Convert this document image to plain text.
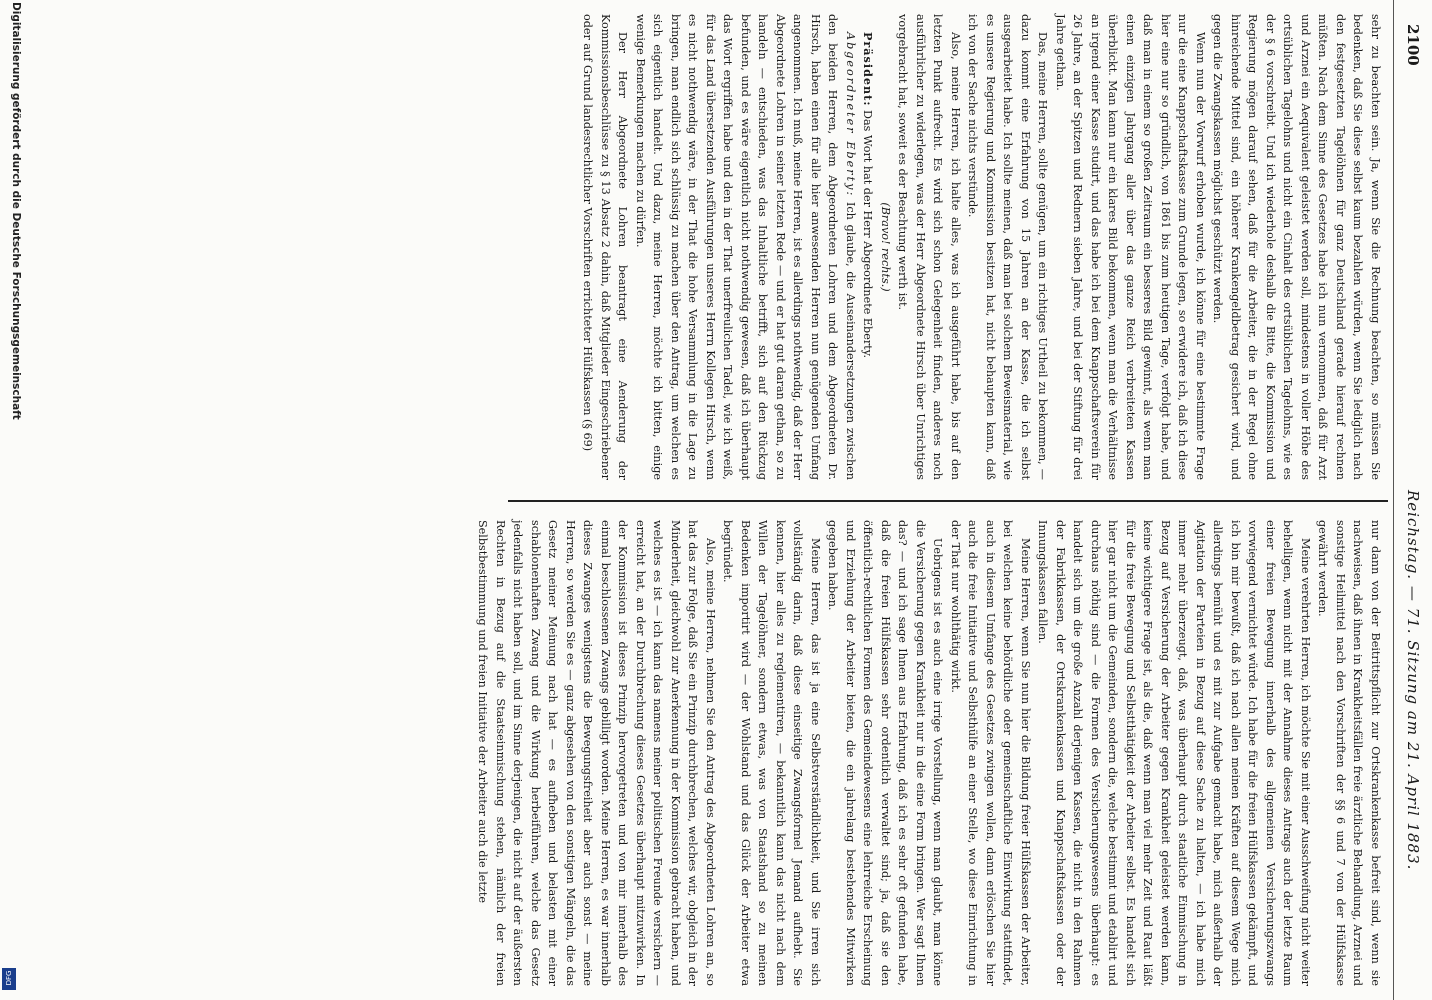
2100
Reichstag. — 71. Sitzung am 21. April 1883.

sehr zu beachten sein. Ja, wenn Sie die Rechnung beachten, so müssen Sie bedenken, daß Sie diese selbst kaum bezahlen würden, wenn Sie lediglich nach den festgesetzten Tagelöhnen für ganz Deutschland gerade hierauf rechnen müßten. Nach dem Sinne des Gesetzes habe ich nun vernommen, daß für Arzt und Arznei ein Aequivalent geleistet werden soll, mindestens in voller Höhe des ortsüblichen Tagelohns und nicht ein Cinhalt des ortsüblichen Tagelohns, wie es der § 6 vorschreibt. Und ich wiederhole deshalb die Bitte, die Kommission und Regierung mögen darauf sehen, daß für die Arbeiter, die in der Regel ohne hinreichende Mittel sind, ein höherer Krankengeldbetrag gesichert wird, und gegen die Zwangskassen möglichst geschützt werden.

Wenn nun der Vorwurf erhoben wurde, ich könne für eine bestimmte Frage nur die eine Knappschaftskasse zum Grunde legen, so erwidere ich, daß ich diese hier eine nur so gründlich, von 1861 bis zum heutigen Tage, verfolgt habe, und daß man in einem so großen Zeitraum ein besseres Bild gewinnt, als wenn man einen einzigen Jahrgang aller über das ganze Reich verbreiteten Kassen überblickt. Man kann nur ein klares Bild bekommen, wenn man die Verhältnisse an irgend einer Kasse studirt, und das habe ich bei dem Knappschaftsverein für 26 Jahre, an der Spitzen und Rednern sieben Jahre, und bei der Stiftung für drei Jahre gethan.

Das, meine Herren, sollte genügen, um ein richtiges Urtheil zu bekommen, — dazu kommt eine Erfahrung von 15 Jahren an der Kasse, die ich selbst ausgearbeitet habe. Ich sollte meinen, daß man bei solchem Beweismaterial, wie es unsere Regierung und Kommission besitzen hat, nicht behaupten kann, daß ich von der Sache nichts verstünde.

Also, meine Herren, ich halte alles, was ich ausgeführt habe, bis auf den letzten Punkt aufrecht. Es wird sich schon Gelegenheit finden, anderes noch ausführlicher zu widerlegen, was der Herr Abgeordnete Hirsch über Unrichtiges vorgebracht hat, soweit es der Beachtung werth ist.

(Bravo! rechts.)

Präsident: Das Wort hat der Herr Abgeordnete Eberty.

Abgeordneter Eberty: Ich glaube, die Auseinandersetzungen zwischen den beiden Herren, dem Abgeordneten Lohren und dem Abgeordneten Dr. Hirsch, haben einen für alle hier anwesenden Herren nun genügenden Umfang angenommen. Ich muß, meine Herren, ist es allerdings nothwendig, daß der Herr Abgeordnete Lohren in seiner letzten Rede — und er hat gut daran gethan, so zu handeln — entschieden, was das Inhaltliche betrifft, sich auf den Rückzug befunden, und es wäre eigentlich nicht nothwendig gewesen, daß ich überhaupt das Wort ergriffen habe und den in der That unerfreulichen Tadel, wie ich weiß, für das Land übersetzenden Ausführungen unseres Herrn Kollegen Hirsch, wenn es nicht nothwendig wäre, in der That die hohe Versammlung in die Lage zu bringen, man endlich sich schlüssig zu machen über den Antrag, um welchen es sich eigentlich handelt. Und dazu, meine Herren, möchte ich bitten, einige wenige Bemerkungen machen zu dürfen.

Der Herr Abgeordnete Lohren beantragt eine Aenderung der Kommissionsbeschlüsse zu § 13 Absatz 2 dahin, daß Mitglieder Eingeschriebener oder auf Grund landesrechtlicher Vorschriften errichteter Hülfskassen (§ 69)

nur dann von der Beitrittspflicht zur Ortskrankenkasse befreit sind, wenn sie nachweisen, daß ihnen in Krankheitsfällen freie ärztliche Behandlung, Arznei und sonstige Heilmittel nach den Vorschriften der §§ 6 und 7 von der Hülfskasse gewährt werden.

Meine verehrten Herren, ich möchte Sie mit einer Ausschweifung nicht weiter behelligen, wenn nicht mit der Annahme dieses Antrags auch der letzte Raum einer freien Bewegung innerhalb des allgemeinen Versicherungszwangs vorwiegend vernichtet würde. Ich habe für die freien Hülfskassen gekämpft, und ich bin mir bewußt, daß ich nach allen meinen Kräften auf diesem Wege mich allerdings bemüht und es mit zur Aufgabe gemacht habe, mich außerhalb der Agitation der Parteien in Bezug auf diese Sache zu halten, — ich habe mich immer mehr überzeugt, daß, was überhaupt durch staatliche Einmischung in Bezug auf Versicherung der Arbeiter gegen Krankheit geleistet werden kann, keine wichtigere Frage ist, als die, daß wenn man viel mehr Zeit und Raut läßt für die freie Bewegung und Selbstthätigkeit der Arbeiter selbst. Es handelt sich hier gar nicht um die Gemeinden, sondern die, welche bestimmt und etablirt und durchaus nöthig sind — die Formen des Versicherungswesens überhaupt: es handelt sich um die große Anzahl derjenigen Kassen, die nicht in den Rahmen der Fabrikkassen, der Ortskrankenkassen und Knappschaftskassen oder der Innungskassen fallen.

Meine Herren, wenn Sie nun hier die Bildung freier Hülfskassen der Arbeiter, bei welchen keine behördliche oder gemeinschaftliche Einwirkung stattfindet, auch in diesem Umfange des Gesetzes zwingen wollen, dann erlöschen Sie hier auch die freie Initiative und Selbsthülfe an einer Stelle, wo diese Einrichtung in der That nur wohlthätig wirkt.

Uebrigens ist es auch eine irrige Vorstellung, wenn man glaubt, man könne die Versicherung gegen Krankheit nur in die eine Form bringen. Wer sagt Ihnen das? — und ich sage Ihnen aus Erfahrung, daß ich es sehr oft gefunden habe, daß die freien Hülfskassen sehr ordentlich verwaltet sind; ja, daß sie den öffentlich-rechtlichen Formen des Gemeindewesens eine lehrreiche Erscheinung und Erziehung der Arbeiter bieten, die ein jahrelang bestehendes Mitwirken gegeben haben.

Meine Herren, das ist ja eine Selbstverständlichkeit, und Sie irren sich vollständig darin, daß diese einseitige Zwangsformel Jemand aufhebt. Sie kennen, hier alles zu reglementiren, — bekanntlich kann das nicht nach dem Willen der Tagelöhner, sondern etwas, was von Staatshand so zu meinen Bedenken importirt wird — der Wohlstand und das Glück der Arbeiter etwa begründet.

Also, meine Herren, nehmen Sie den Antrag des Abgeordneten Lohren an, so hat das zur Folge, daß Sie ein Prinzip durchbrechen, welches wir, obgleich in der Minderheit, gleichwohl zur Anerkennung in der Kommission gebracht haben, und welches es ist — ich kann das namens meiner politischen Freunde versichern — erreicht hat, an der Durchbrechung dieses Gesetzes überhaupt mitzuwirken. In der Kommission ist dieses Prinzip hervorgetreten und von mir innerhalb des einmal beschlossenen Zwangs gebilligt worden. Meine Herren, es war innerhalb dieses Zwanges wenigstens die Bewegungsfreiheit aber auch sonst — meine Herren, so werden Sie es — ganz abgesehen von den sonstigen Mängeln, die das Gesetz meiner Meinung nach hat — es aufheben und belasten mit einer schablonenhaften Zwang und die Wirkung herbeiführen, welche das Gesetz jedenfalls nicht haben soll, und im Sinne derjenigen, die nicht auf der äußersten Rechten in Bezug auf die Staatseinmischung stehen, nämlich der freien Selbstbestimmung und freien Initiative der Arbeiter auch die letzte

Digitalisierung gefördert durch die Deutsche Forschungsgemeinschaft
DFG
